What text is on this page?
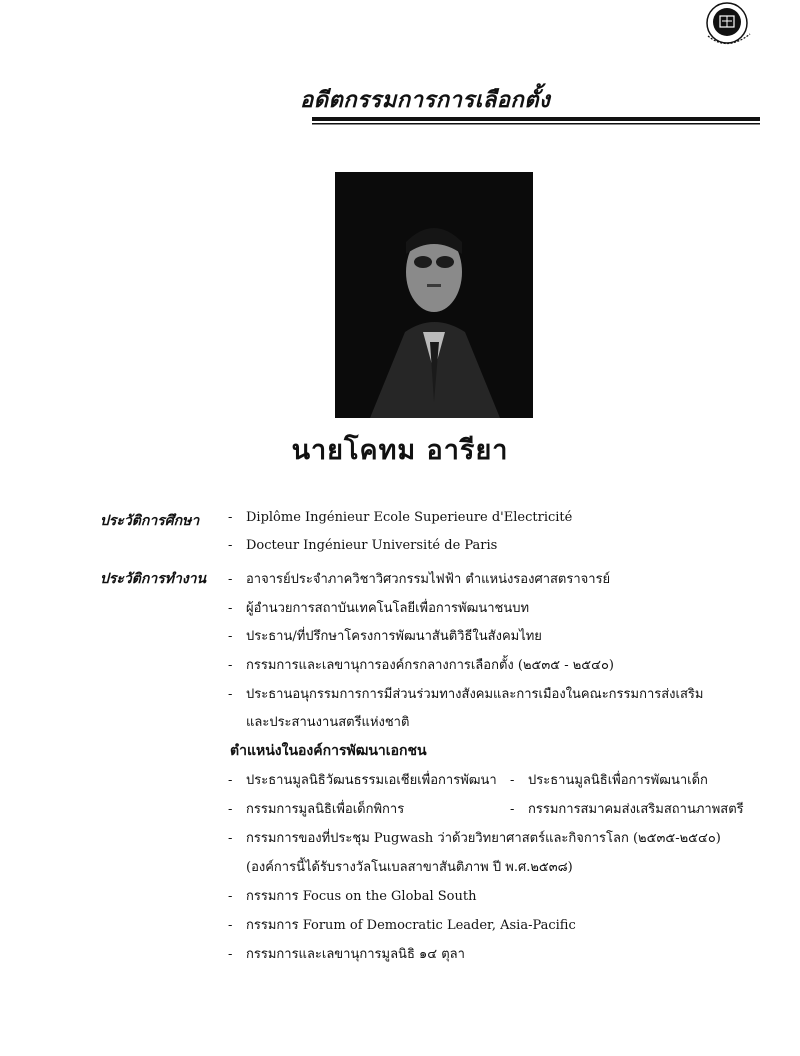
อดีตกรรมการการเลือกตั้ง
นายโคทม อารียา
ประวัติการศึกษา - Diplôme Ingénieur Ecole Superieure d'Electricité
- Docteur Ingénieur Université de Paris
ประวัติการทำงาน - อาจารย์ประจำภาควิชาวิศวกรรมไฟฟ้า ตำแหน่งรองศาสตราจารย์
- ผู้อำนวยการสถาบันเทคโนโลยีเพื่อการพัฒนาชนบท
- ประธาน/ที่ปรึกษาโครงการพัฒนาสันติวิธีในสังคมไทย
- กรรมการและเลขานุการองค์กรกลางการเลือกตั้ง (๒๕๓๕ - ๒๕๔๐)
- ประธานอนุกรรมการการมีส่วนร่วมทางสังคมและการเมืองในคณะกรรมการส่งเสริม
และประสานงานสตรีแห่งชาติ
ตำแหน่งในองค์การพัฒนาเอกชน
- ประธานมูลนิธิวัฒนธรรมเอเชียเพื่อการพัฒนา - ประธานมูลนิธิเพื่อการพัฒนาเด็ก
- กรรมการมูลนิธิเพื่อเด็กพิการ	- กรรมการสมาคมส่งเสริมสถานภาพสตรี
- กรรมการของที่ประชุม Pugwash ว่าด้วยวิทยาศาสตร์และกิจการโลก (๒๕๓๕-๒๕๔๐)
(องค์การนี้ได้รับรางวัลโนเบลสาขาสันติภาพ ปี พ.ศ.๒๕๓๘)
- กรรมการ Focus on the Global South
- กรรมการ Forum of Democratic Leader, Asia-Pacific
- กรรมการและเลขานุการมูลนิธิ ๑๔ ตุลา
